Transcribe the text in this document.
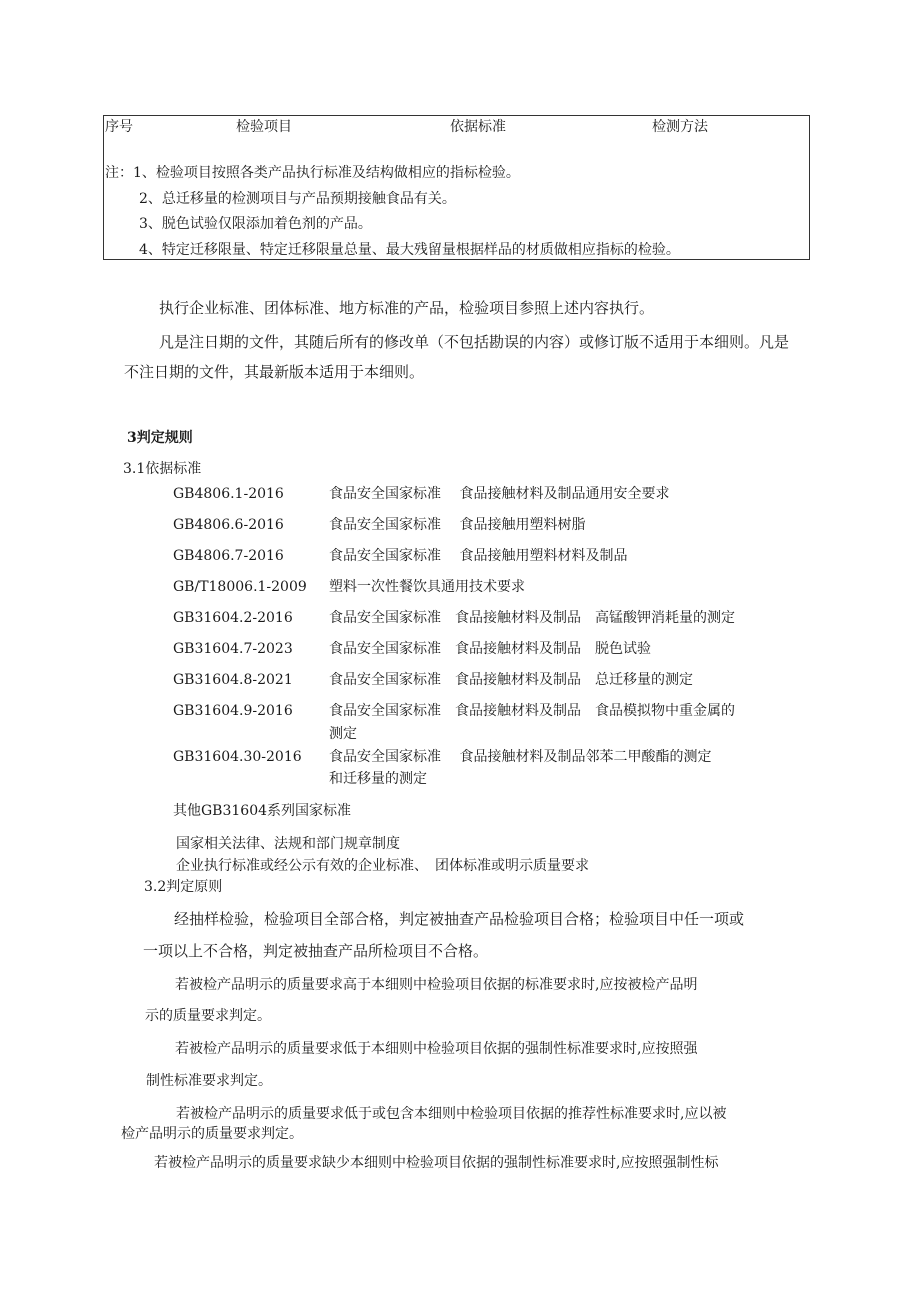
序号	检验项目	依据标准	检测方法
注：1、检验项目按照各类产品执行标准及结构做相应的指标检验。
2、总迁移量的检测项目与产品预期接触食品有关。
3、脱色试验仅限添加着色剂的产品。
4、特定迁移限量、特定迁移限量总量、最大残留量根据样品的材质做相应指标的检验。
执行企业标准、团体标准、地方标准的产品，检验项目参照上述内容执行。
凡是注日期的文件，其随后所有的修改单（不包括勘误的内容）或修订版不适用于本细则。凡是
不注日期的文件，其最新版本适用于本细则。
3判定规则
3.1依据标准
GB4806.1-2016	食品安全国家标准　 食品接触材料及制品通用安全要求
GB4806.6-2016	食品安全国家标准　 食品接触用塑料树脂
GB4806.7-2016	食品安全国家标准　 食品接触用塑料材料及制品
GB/T18006.1-2009 塑料一次性餐饮具通用技术要求
GB31604.2-2016	食品安全国家标准　食品接触材料及制品　高锰酸钾消耗量的测定
GB31604.7-2023	食品安全国家标准　食品接触材料及制品　脱色试验
GB31604.8-2021	食品安全国家标准　食品接触材料及制品　总迁移量的测定
GB31604.9-2016	食品安全国家标准　食品接触材料及制品　食品模拟物中重金属的
测定
GB31604.30-2016 食品安全国家标准　 食品接触材料及制品邻苯二甲酸酯的测定
和迁移量的测定
其他GB31604系列国家标准
国家相关法律、法规和部门规章制度
企业执行标准或经公示有效的企业标准、　团体标准或明示质量要求
3.2判定原则
经抽样检验，检验项目全部合格，判定被抽查产品检验项目合格；检验项目中任一项或
一项以上不合格，判定被抽查产品所检项目不合格。
若被检产品明示的质量要求高于本细则中检验项目依据的标准要求时,应按被检产品明
示的质量要求判定。
若被检产品明示的质量要求低于本细则中检验项目依据的强制性标准要求时,应按照强
制性标准要求判定。
若被检产品明示的质量要求低于或包含本细则中检验项目依据的推荐性标准要求时,应以被
检产品明示的质量要求判定。
若被检产品明示的质量要求缺少本细则中检验项目依据的强制性标准要求时,应按照强制性标
